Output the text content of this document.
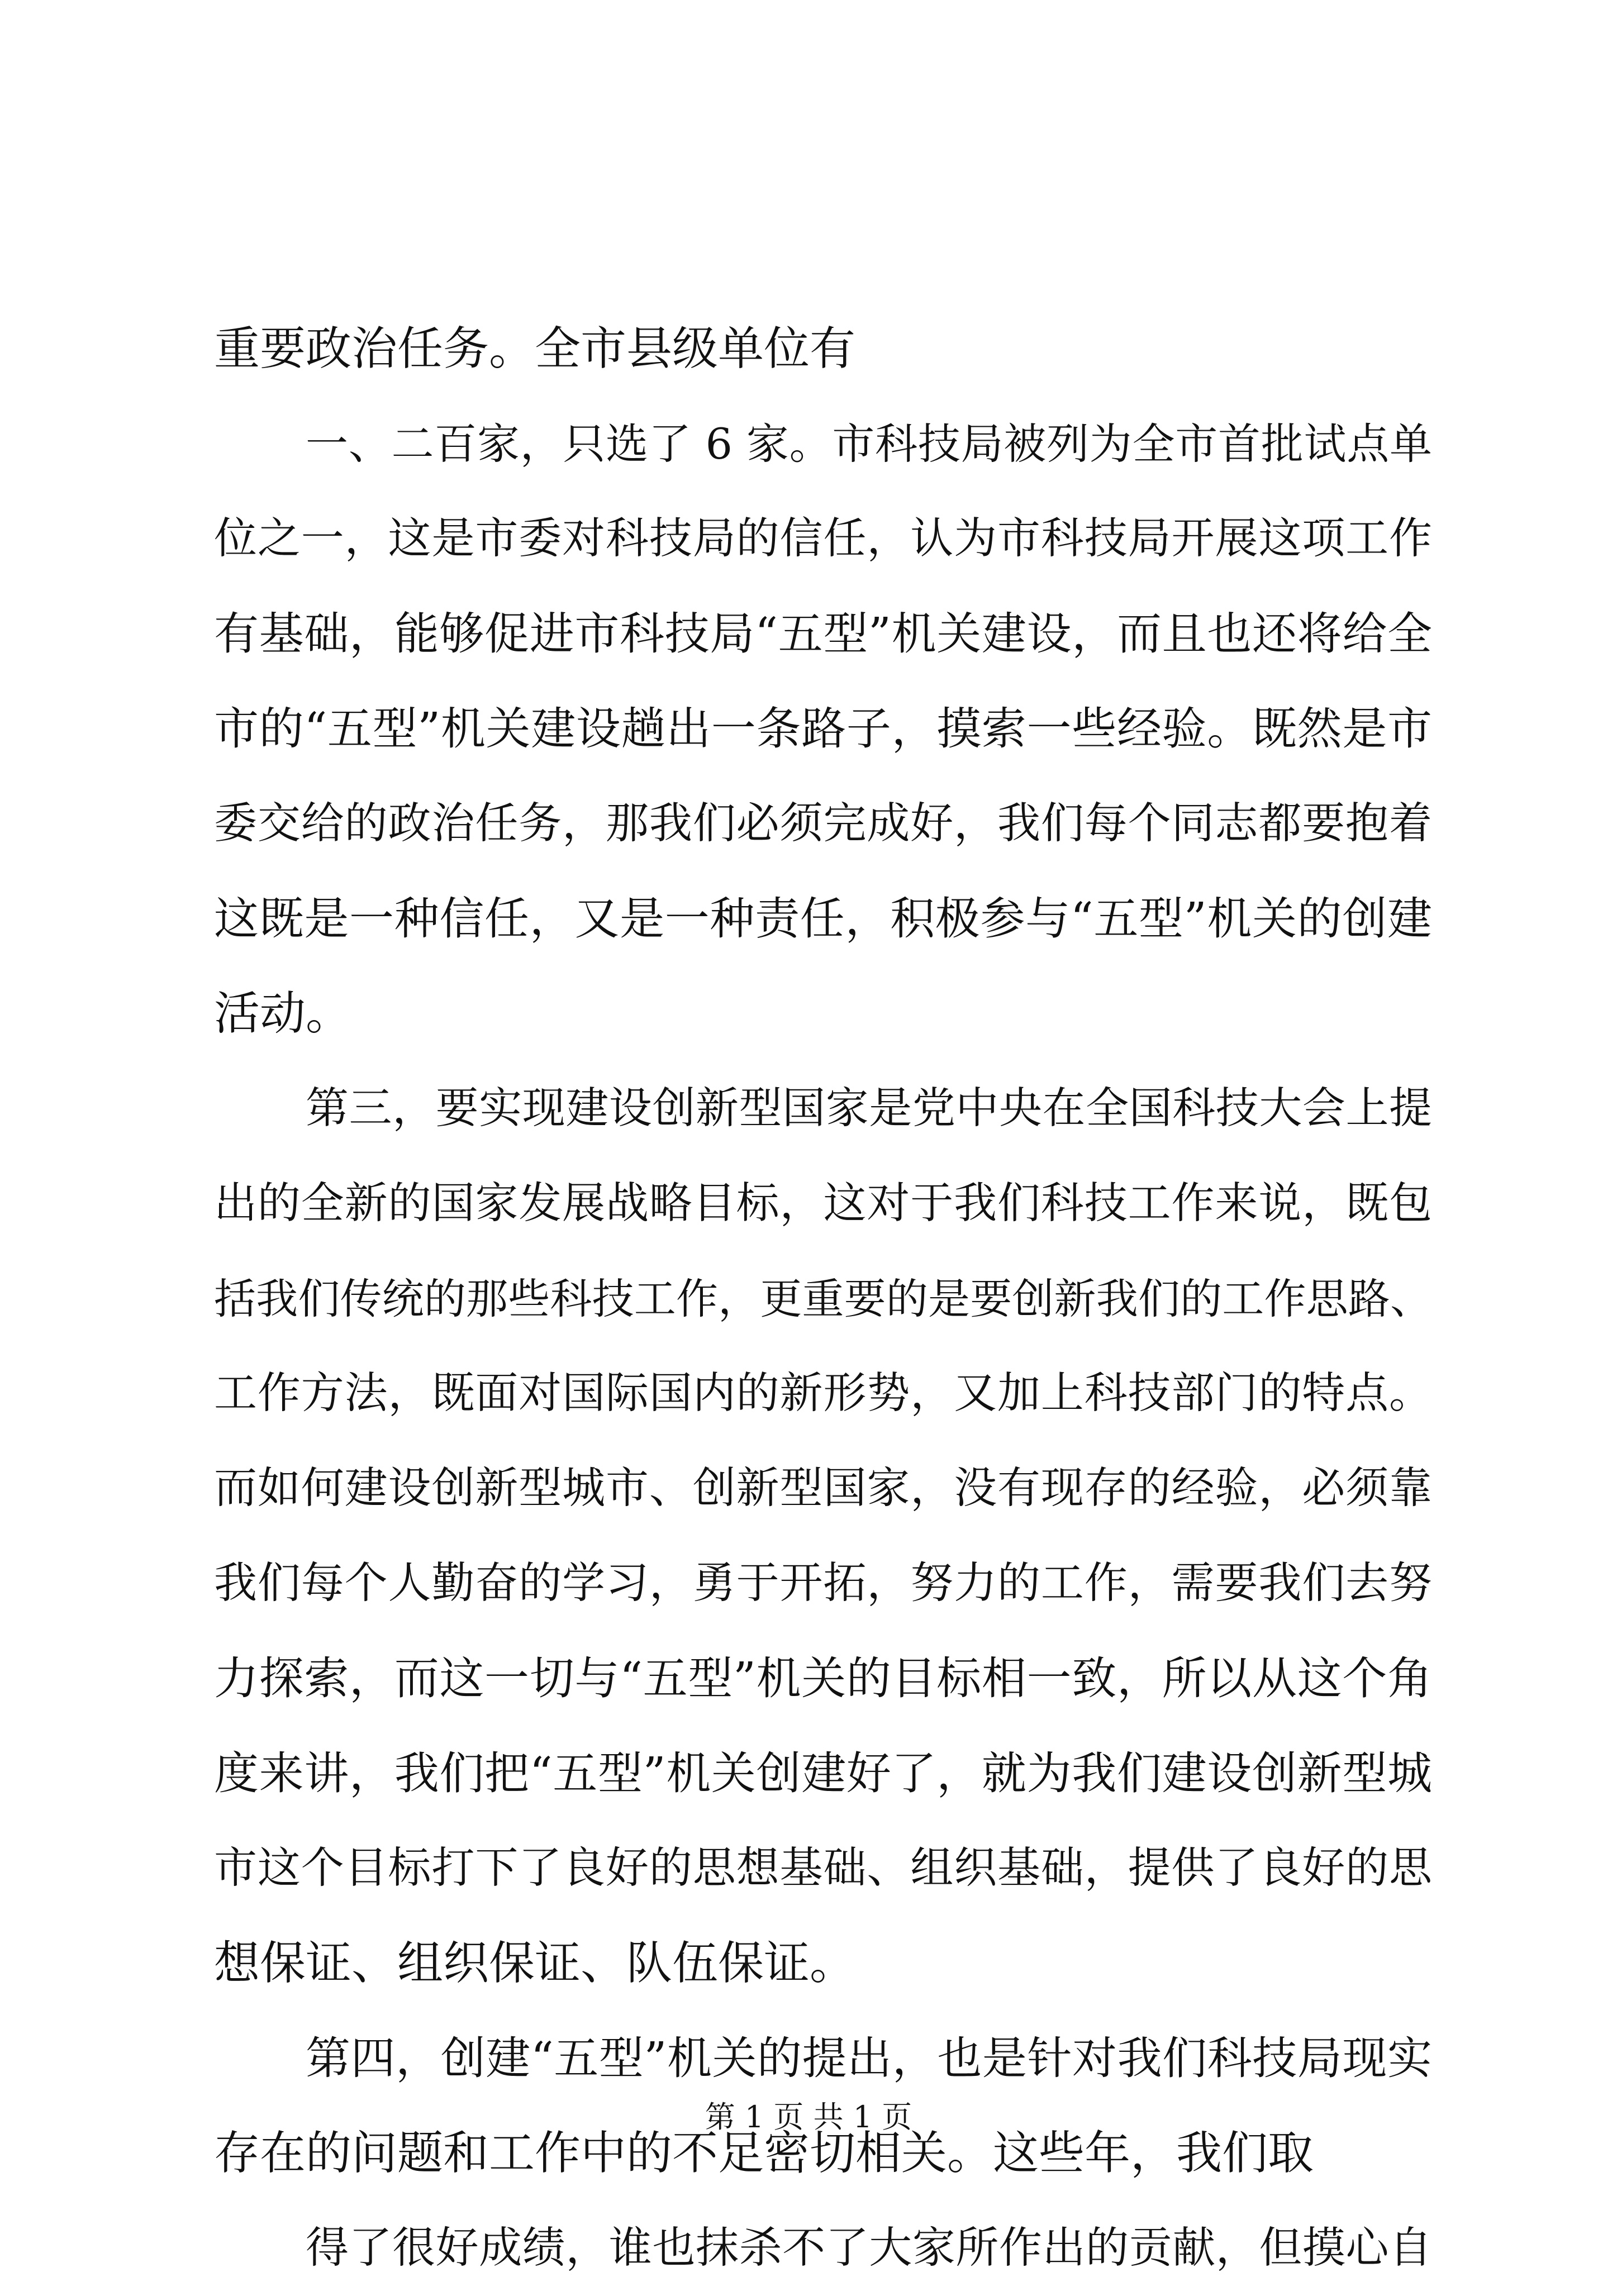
重要政治任务。全市县级单位有
一、二百家，只选了 6 家。市科技局被列为全市首批试点单
位之一，这是市委对科技局的信任，认为市科技局开展这项工作
有基础，能够促进市科技局“五型”机关建设，而且也还将给全
市的“五型”机关建设趟出一条路子，摸索一些经验。既然是市
委交给的政治任务，那我们必须完成好，我们每个同志都要抱着
这既是一种信任，又是一种责任，积极参与“五型”机关的创建
活动。
第三，要实现建设创新型国家是党中央在全国科技大会上提
出的全新的国家发展战略目标，这对于我们科技工作来说，既包
括我们传统的那些科技工作，更重要的是要创新我们的工作思路、
工作方法，既面对国际国内的新形势，又加上科技部门的特点。
而如何建设创新型城市、创新型国家，没有现存的经验，必须靠
我们每个人勤奋的学习，勇于开拓，努力的工作，需要我们去努
力探索，而这一切与“五型”机关的目标相一致，所以从这个角
度来讲，我们把“五型”机关创建好了，就为我们建设创新型城
市这个目标打下了良好的思想基础、组织基础，提供了良好的思
想保证、组织保证、队伍保证。
第四，创建“五型”机关的提出，也是针对我们科技局现实
存在的问题和工作中的不足密切相关。这些年，我们取
得了很好成绩，谁也抹杀不了大家所作出的贡献，但摸心自
第 1 页 共 1 页
